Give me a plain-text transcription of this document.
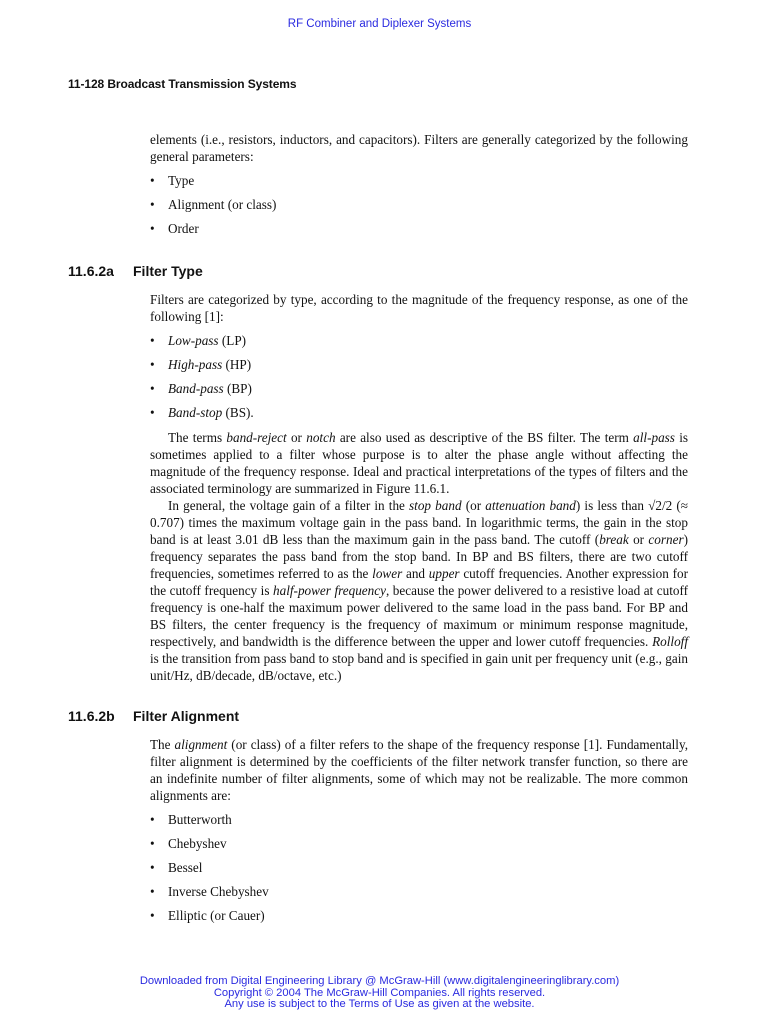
RF Combiner and Diplexer Systems
11-128 Broadcast Transmission Systems

elements (i.e., resistors, inductors, and capacitors). Filters are generally categorized by the following general parameters:

• Type
• Alignment (or class)
• Order
11.6.2a Filter Type

Filters are categorized by type, according to the magnitude of the frequency response, as one of the following [1]:

• Low-pass (LP)
• High-pass (HP)
• Band-pass (BP)
• Band-stop (BS).

The terms band-reject or notch are also used as descriptive of the BS filter. The term all-pass is sometimes applied to a filter whose purpose is to alter the phase angle without affecting the magnitude of the frequency response. Ideal and practical interpretations of the types of filters and the associated terminology are summarized in Figure 11.6.1.

In general, the voltage gain of a filter in the stop band (or attenuation band) is less than √2/2 (≈ 0.707) times the maximum voltage gain in the pass band. In logarithmic terms, the gain in the stop band is at least 3.01 dB less than the maximum gain in the pass band. The cutoff (break or corner) frequency separates the pass band from the stop band. In BP and BS filters, there are two cutoff frequencies, sometimes referred to as the lower and upper cutoff frequencies. Another expression for the cutoff frequency is half-power frequency, because the power delivered to a resistive load at cutoff frequency is one-half the maximum power delivered to the same load in the pass band. For BP and BS filters, the center frequency is the frequency of maximum or minimum response magnitude, respectively, and bandwidth is the difference between the upper and lower cutoff frequencies. Rolloff is the transition from pass band to stop band and is specified in gain unit per frequency unit (e.g., gain unit/Hz, dB/decade, dB/octave, etc.)

11.6.2b Filter Alignment

The alignment (or class) of a filter refers to the shape of the frequency response [1]. Fundamentally, filter alignment is determined by the coefficients of the filter network transfer function, so there are an indefinite number of filter alignments, some of which may not be realizable. The more common alignments are:

• Butterworth
• Chebyshev
• Bessel
• Inverse Chebyshev
• Elliptic (or Cauer)
Downloaded from Digital Engineering Library @ McGraw-Hill (www.digitalengineeringlibrary.com)
Copyright © 2004 The McGraw-Hill Companies. All rights reserved.
Any use is subject to the Terms of Use as given at the website.
